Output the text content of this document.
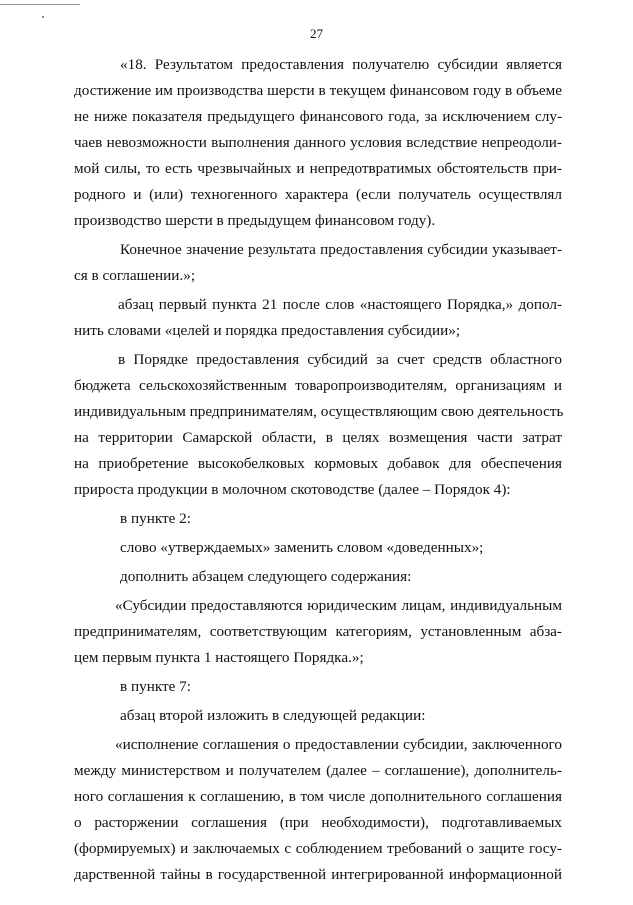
27
«18. Результатом предоставления получателю субсидии является
достижение им производства шерсти в текущем финансовом году в объеме
не ниже показателя предыдущего финансового года, за исключением слу-
чаев невозможности выполнения данного условия вследствие непреодоли-
мой силы, то есть чрезвычайных и непредотвратимых обстоятельств при-
родного и (или) техногенного характера (если получатель осуществлял
производство шерсти в предыдущем финансовом году).
Конечное значение результата предоставления субсидии указывает-
ся в соглашении.»;
абзац первый пункта 21 после слов «настоящего Порядка,» допол-
нить словами «целей и порядка предоставления субсидии»;
в Порядке предоставления субсидий за счет средств областного
бюджета сельскохозяйственным товаропроизводителям, организациям и
индивидуальным предпринимателям, осуществляющим свою деятельность
на территории Самарской области, в целях возмещения части затрат
на приобретение высокобелковых кормовых добавок для обеспечения
прироста продукции в молочном скотоводстве (далее – Порядок 4):
в пункте 2:
слово «утверждаемых» заменить словом «доведенных»;
дополнить абзацем следующего содержания:
«Субсидии предоставляются юридическим лицам, индивидуальным
предпринимателям, соответствующим категориям, установленным абза-
цем первым пункта 1 настоящего Порядка.»;
в пункте 7:
абзац второй изложить в следующей редакции:
«исполнение соглашения о предоставлении субсидии, заключенного
между министерством и получателем (далее – соглашение), дополнитель-
ного соглашения к соглашению, в том числе дополнительного соглашения
о расторжении соглашения (при необходимости), подготавливаемых
(формируемых) и заключаемых с соблюдением требований о защите госу-
дарственной тайны в государственной интегрированной информационной
